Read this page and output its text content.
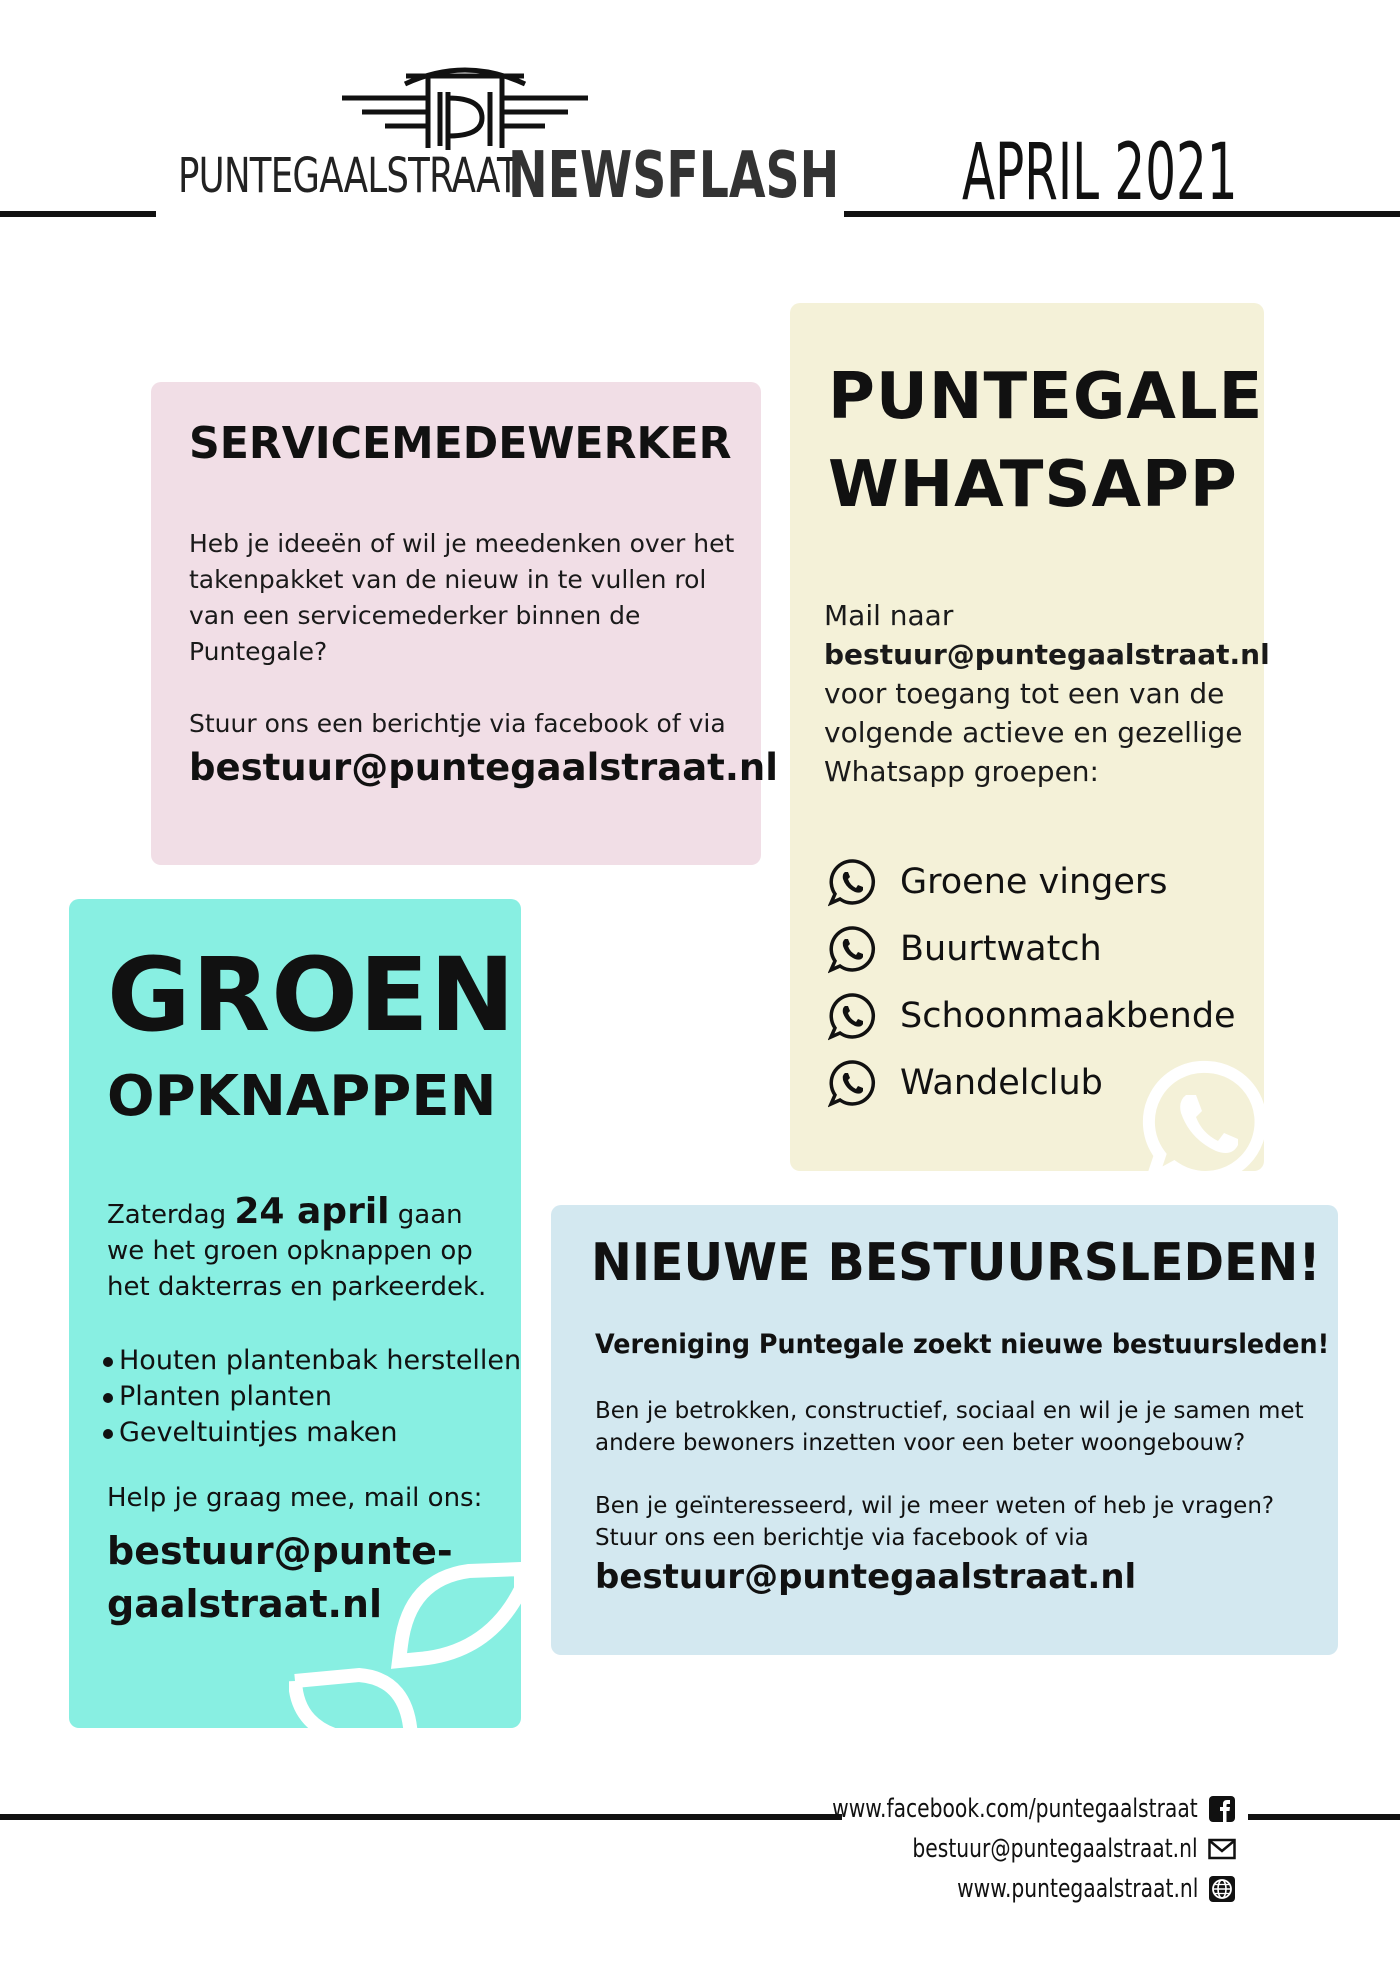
PUNTEGAALSTRAAT
NEWSFLASH APRIL 2021
SERVICEMEDEWERKER
Heb je ideeën of wil je meedenken over het takenpakket van de nieuw in te vullen rol van een servicemederker binnen de Puntegale?
Stuur ons een berichtje via facebook of via
bestuur@puntegaalstraat.nl
PUNTEGALE
WHATSAPP
Mail naar
bestuur@puntegaalstraat.nl
voor toegang tot een van de volgende actieve en gezellige Whatsapp groepen:
Groene vingers
Buurtwatch
Schoonmaakbende
Wandelclub
GROEN
OPKNAPPEN
Zaterdag 24 april gaan we het groen opknappen op het dakterras en parkeerdek.
Houten plantenbak herstellen
Planten planten
Geveltuintjes maken
Help je graag mee, mail ons:
bestuur@punte-
gaalstraat.nl
NIEUWE BESTUURSLEDEN!
Vereniging Puntegale zoekt nieuwe bestuursleden!
Ben je betrokken, constructief, sociaal en wil je je samen met andere bewoners inzetten voor een beter woongebouw?
Ben je geïnteresseerd, wil je meer weten of heb je vragen? Stuur ons een berichtje via facebook of via
bestuur@puntegaalstraat.nl
www.facebook.com/puntegaalstraat
bestuur@puntegaalstraat.nl
www.puntegaalstraat.nl
